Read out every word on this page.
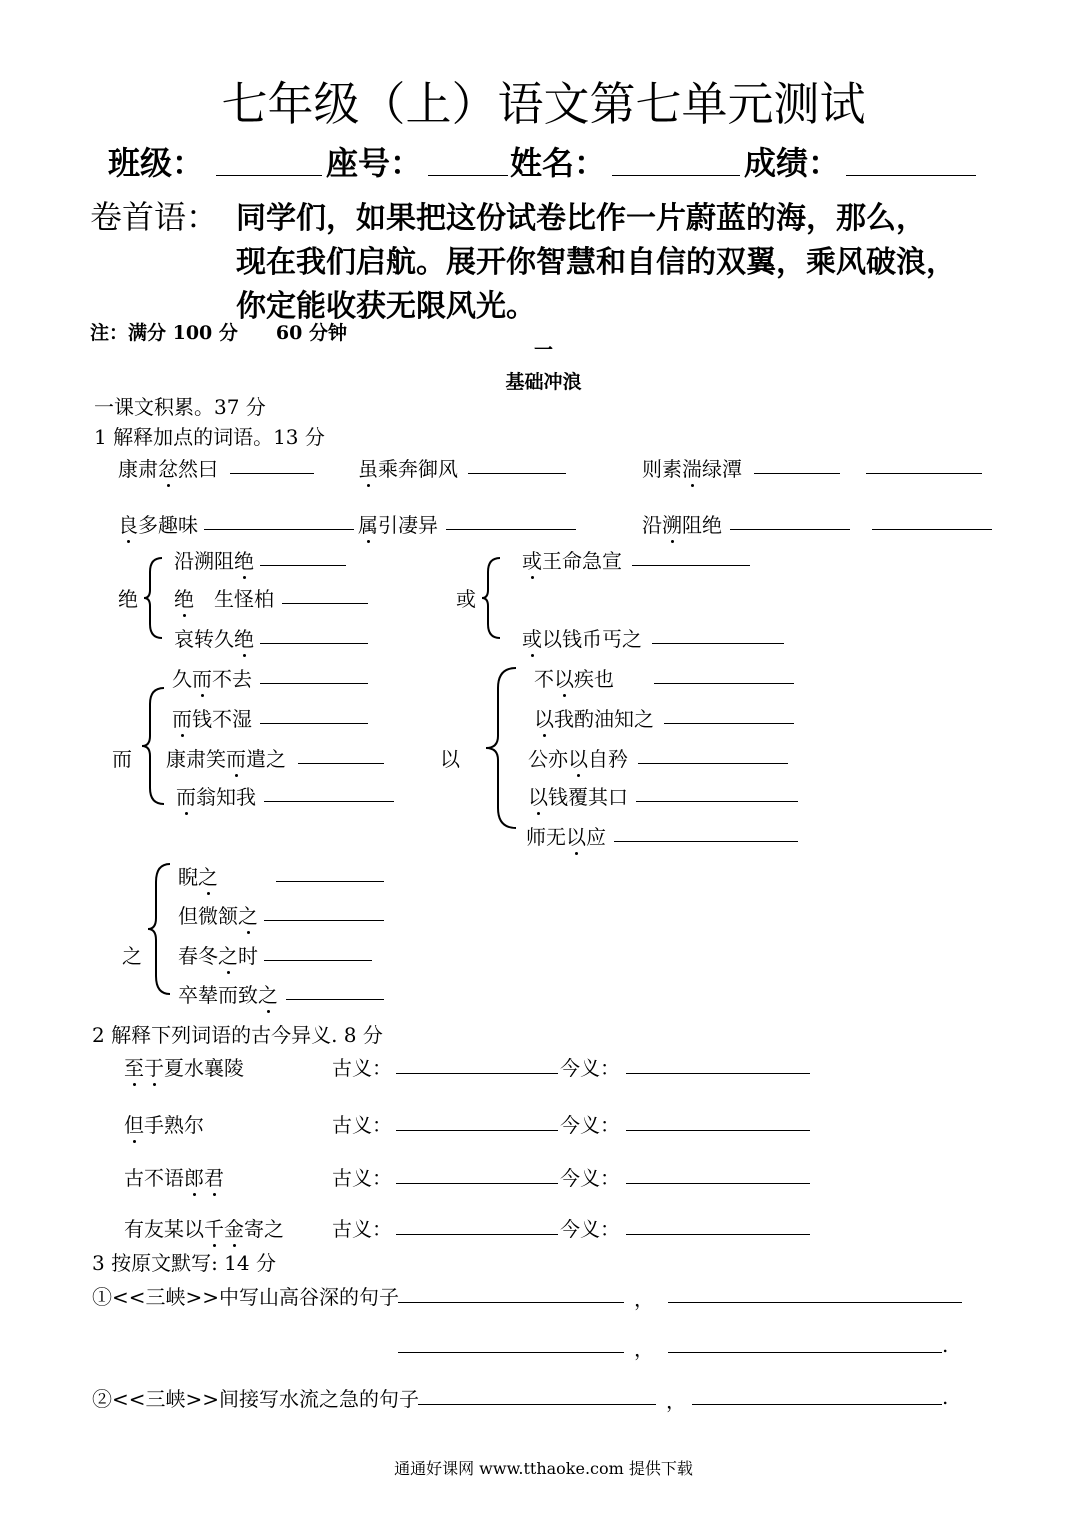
七年级（上）语文第七单元测试
班级：	座号：	姓名：	成绩：
卷首语： 同学们，如果把这份试卷比作一片蔚蓝的海，那么，
现在我们启航。展开你智慧和自信的双翼，乘风破浪，
你定能收获无限风光。
注：满分 100 分　　60 分钟
一
基础冲浪
一课文积累。37 分
1 解释加点的词语。13 分
康肃忿然曰	虽乘奔御风	则素湍绿潭
良多趣味	属引凄异	沿溯阻绝
绝
沿溯阻绝
绝　生怪柏
哀转久绝
或
或王命急宣
或以钱币丐之
而
久而不去
而钱不湿
康肃笑而遣之
而翁知我
以
不以疾也
以我酌油知之
公亦以自矜
以钱覆其口
师无以应
之
睨之
但微颔之
春冬之时
卒辇而致之
2 解释下列词语的古今异义. 8 分
至于夏水襄陵	古义：	今义：
但手熟尔	古义：	今义：
古不语郎君	古义：	今义：
有友某以千金寄之 古义：	今义：
3 按原文默写: 14 分
①<<三峡>>中写山高谷深的句子	，
，	.
②<<三峡>>间接写水流之急的句子	，	.
通通好课网 www.tthaoke.com 提供下载
